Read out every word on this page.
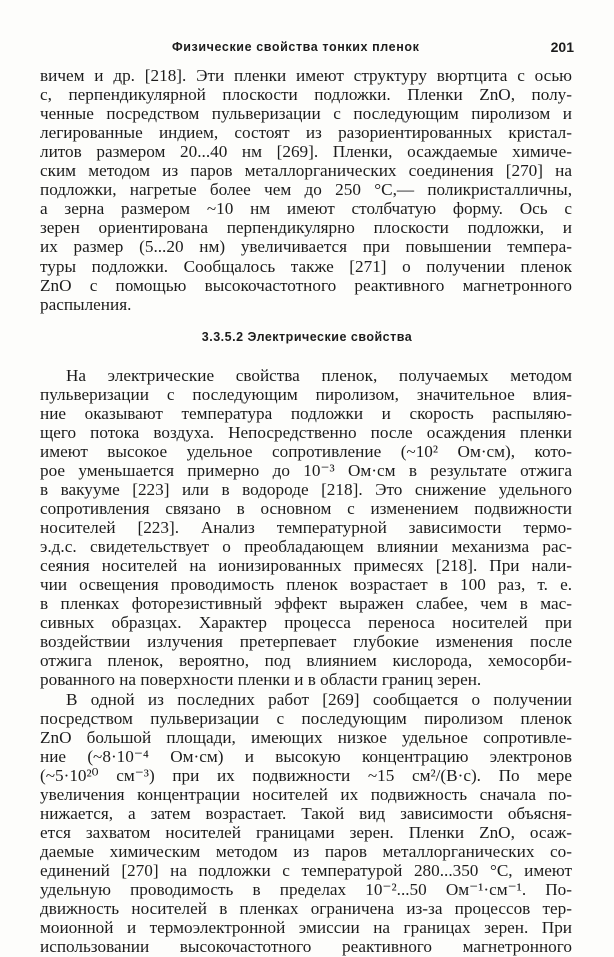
Физические свойства тонких пленок	201
вичем и др. [218]. Эти пленки имеют структуру вюртцита с осью
c, перпендикулярной плоскости подложки. Пленки ZnO, полу-
ченные посредством пульверизации с последующим пиролизом и
легированные индием, состоят из разориентированных кристал-
литов размером 20...40 нм [269]. Пленки, осаждаемые химиче-
ским методом из паров металлорганических соединения [270] на
подложки, нагретые более чем до 250 °С,— поликристалличны,
а зерна размером ~10 нм имеют столбчатую форму. Ось c
зерен ориентирована перпендикулярно плоскости подложки, и
их размер (5...20 нм) увеличивается при повышении темпера-
туры подложки. Сообщалось также [271] о получении пленок
ZnO с помощью высокочастотного реактивного магнетронного
распыления.
3.3.5.2 Электрические свойства
На электрические свойства пленок, получаемых методом
пульверизации с последующим пиролизом, значительное влия-
ние оказывают температура подложки и скорость распыляю-
щего потока воздуха. Непосредственно после осаждения пленки
имеют высокое удельное сопротивление (~10² Ом·см), кото-
рое уменьшается примерно до 10⁻³ Ом·см в результате отжига
в вакууме [223] или в водороде [218]. Это снижение удельного
сопротивления связано в основном с изменением подвижности
носителей [223]. Анализ температурной зависимости термо-
э.д.с. свидетельствует о преобладающем влиянии механизма рас-
сеяния носителей на ионизированных примесях [218]. При нали-
чии освещения проводимость пленок возрастает в 100 раз, т. е.
в пленках фоторезистивный эффект выражен слабее, чем в мас-
сивных образцах. Характер процесса переноса носителей при
воздействии излучения претерпевает глубокие изменения после
отжига пленок, вероятно, под влиянием кислорода, хемосорби-
рованного на поверхности пленки и в области границ зерен.
В одной из последних работ [269] сообщается о получении
посредством пульверизации с последующим пиролизом пленок
ZnO большой площади, имеющих низкое удельное сопротивле-
ние (~8·10⁻⁴ Ом·см) и высокую концентрацию электронов
(~5·10²⁰ см⁻³) при их подвижности ~15 см²/(В·с). По мере
увеличения концентрации носителей их подвижность сначала по-
нижается, а затем возрастает. Такой вид зависимости объясня-
ется захватом носителей границами зерен. Пленки ZnO, осаж-
даемые химическим методом из паров металлорганических со-
единений [270] на подложки с температурой 280...350 °С, имеют
удельную проводимость в пределах 10⁻²...50 Ом⁻¹·см⁻¹. По-
движность носителей в пленках ограничена из-за процессов тер-
моионной и термоэлектронной эмиссии на границах зерен. При
использовании высокочастотного реактивного магнетронного
